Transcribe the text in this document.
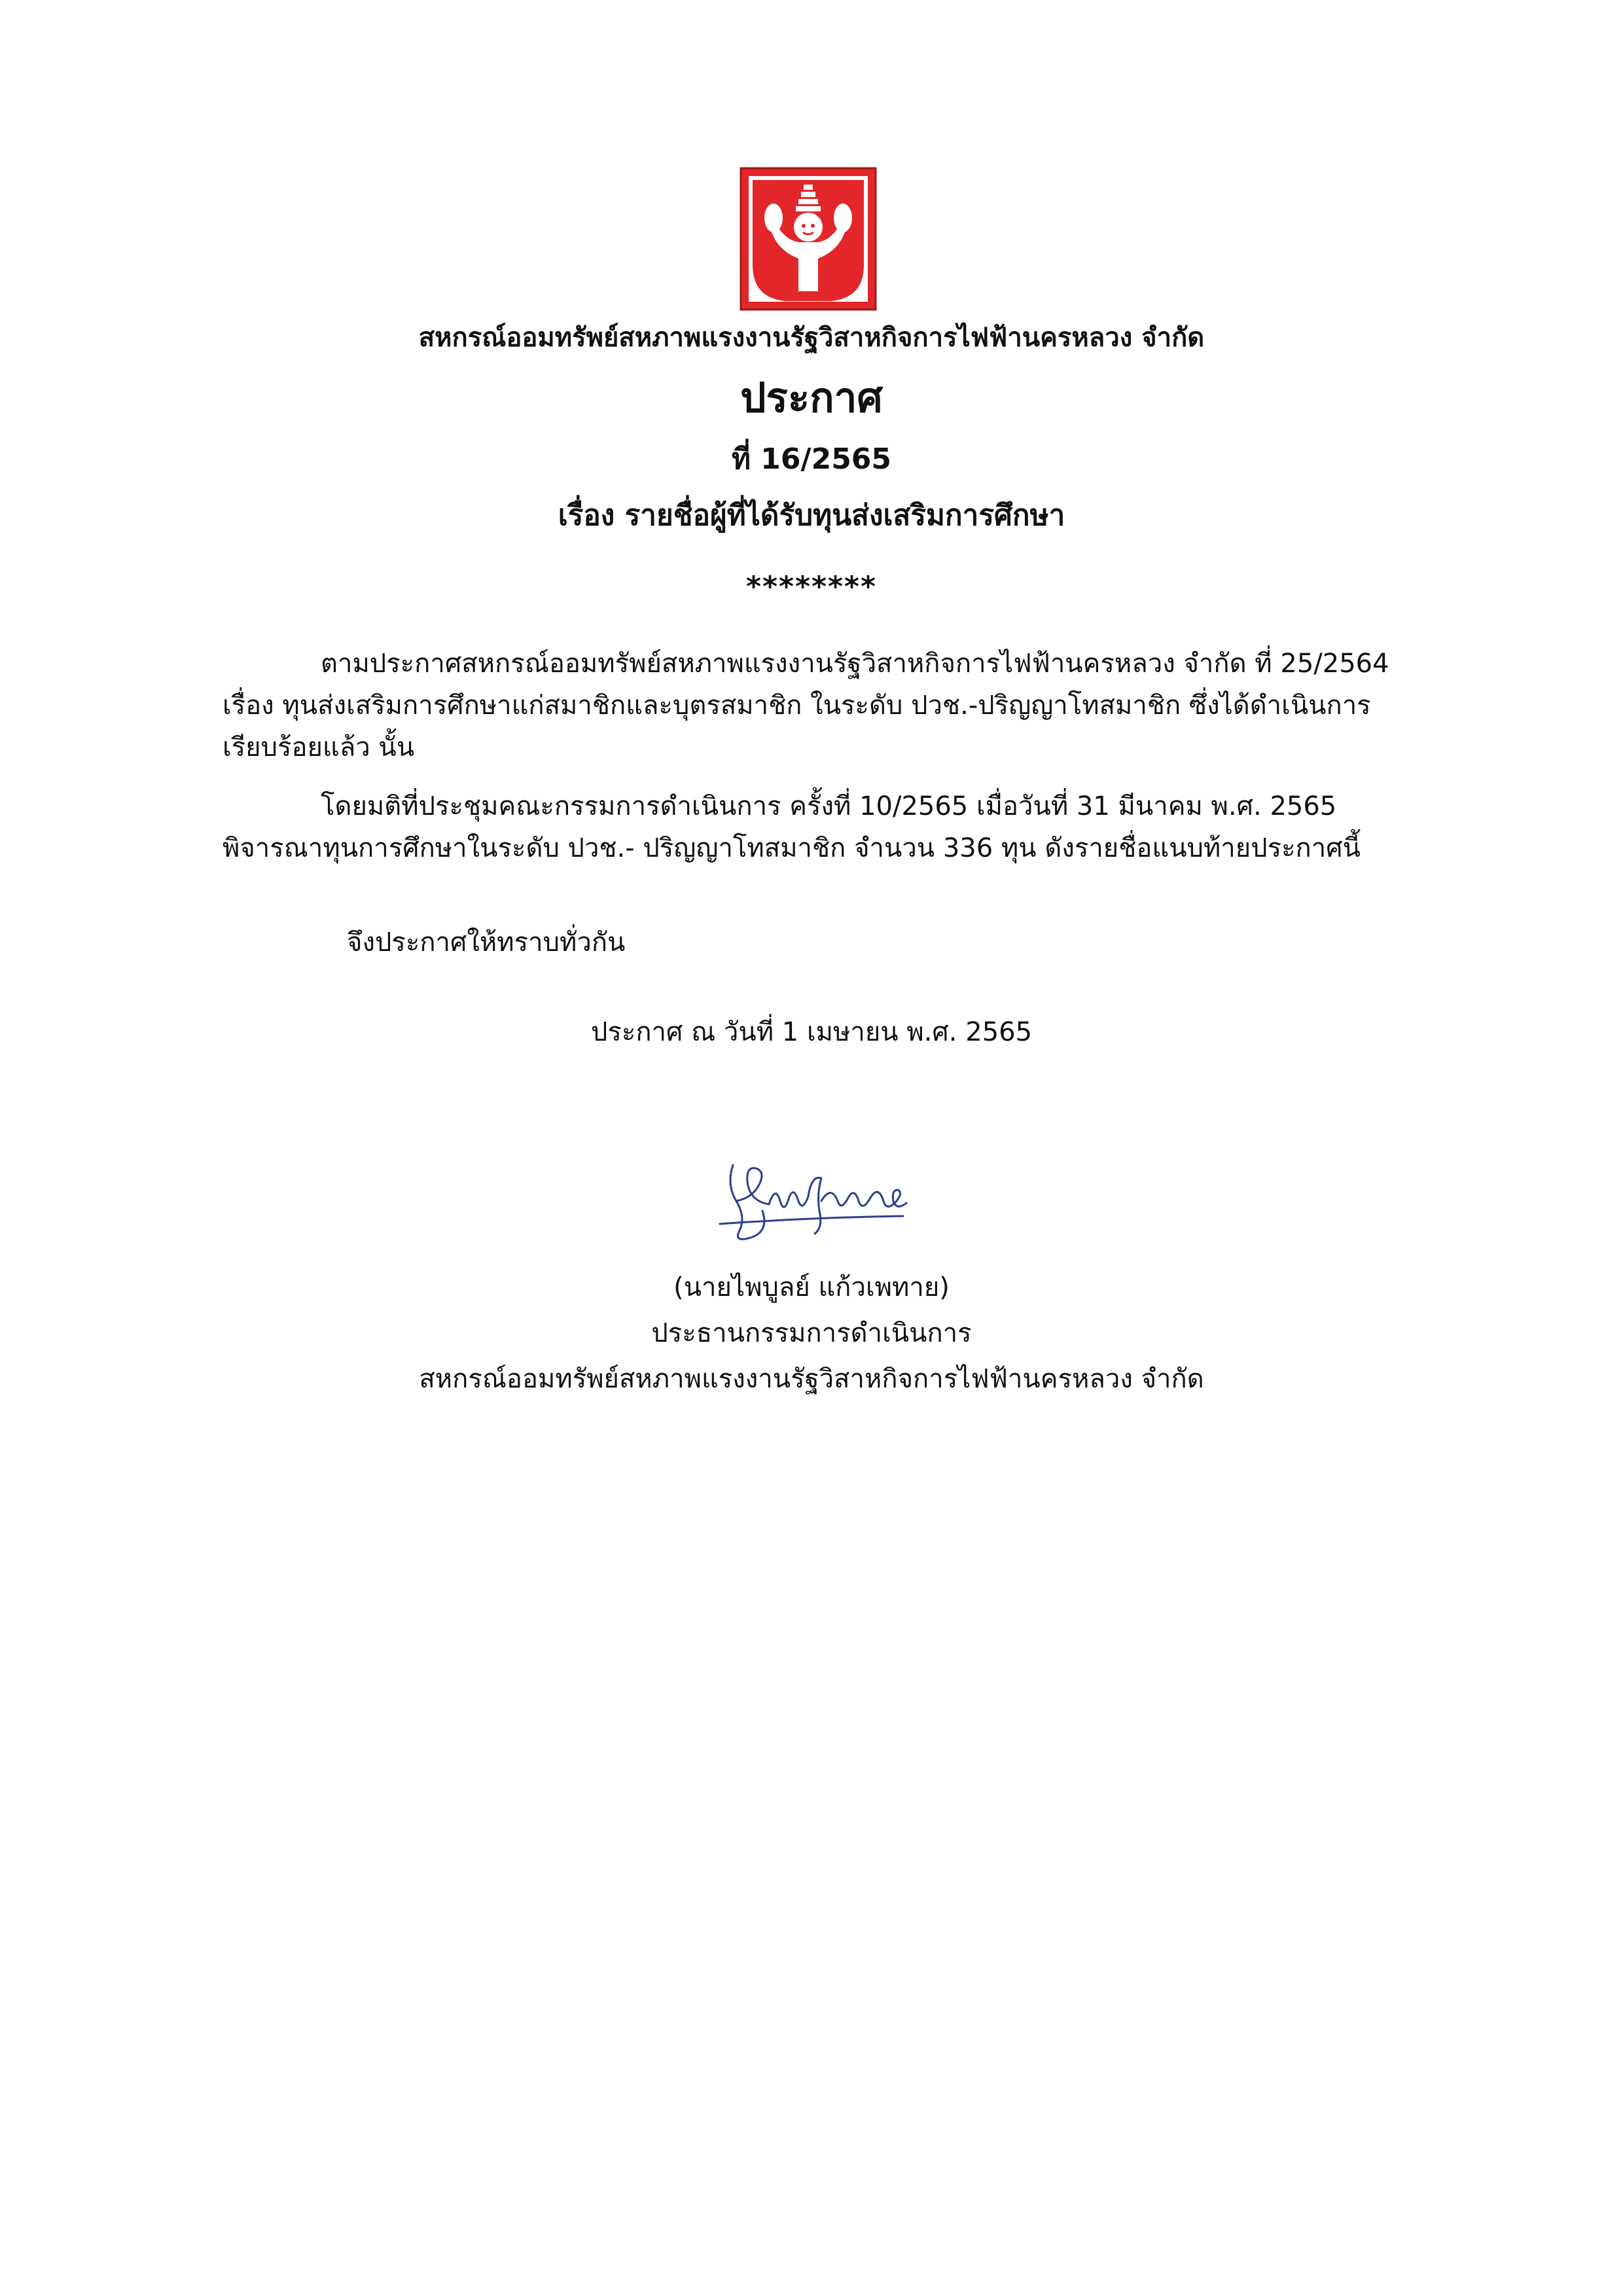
สหกรณ์ออมทรัพย์สหภาพแรงงานรัฐวิสาหกิจการไฟฟ้านครหลวง จำกัด
ประกาศ
ที่ 16/2565
เรื่อง รายชื่อผู้ที่ได้รับทุนส่งเสริมการศึกษา
********
ตามประกาศสหกรณ์ออมทรัพย์สหภาพแรงงานรัฐวิสาหกิจการไฟฟ้านครหลวง จำกัด ที่ 25/2564
เรื่อง ทุนส่งเสริมการศึกษาแก่สมาชิกและบุตรสมาชิก ในระดับ ปวช.-ปริญญาโทสมาชิก ซึ่งได้ดำเนินการ
เรียบร้อยแล้ว นั้น
โดยมติที่ประชุมคณะกรรมการดำเนินการ ครั้งที่ 10/2565 เมื่อวันที่ 31 มีนาคม พ.ศ. 2565
พิจารณาทุนการศึกษาในระดับ ปวช.- ปริญญาโทสมาชิก จำนวน 336 ทุน ดังรายชื่อแนบท้ายประกาศนี้
จึงประกาศให้ทราบทั่วกัน
ประกาศ ณ วันที่ 1 เมษายน พ.ศ. 2565
(นายไพบูลย์ แก้วเพทาย)
ประธานกรรมการดำเนินการ
สหกรณ์ออมทรัพย์สหภาพแรงงานรัฐวิสาหกิจการไฟฟ้านครหลวง จำกัด
